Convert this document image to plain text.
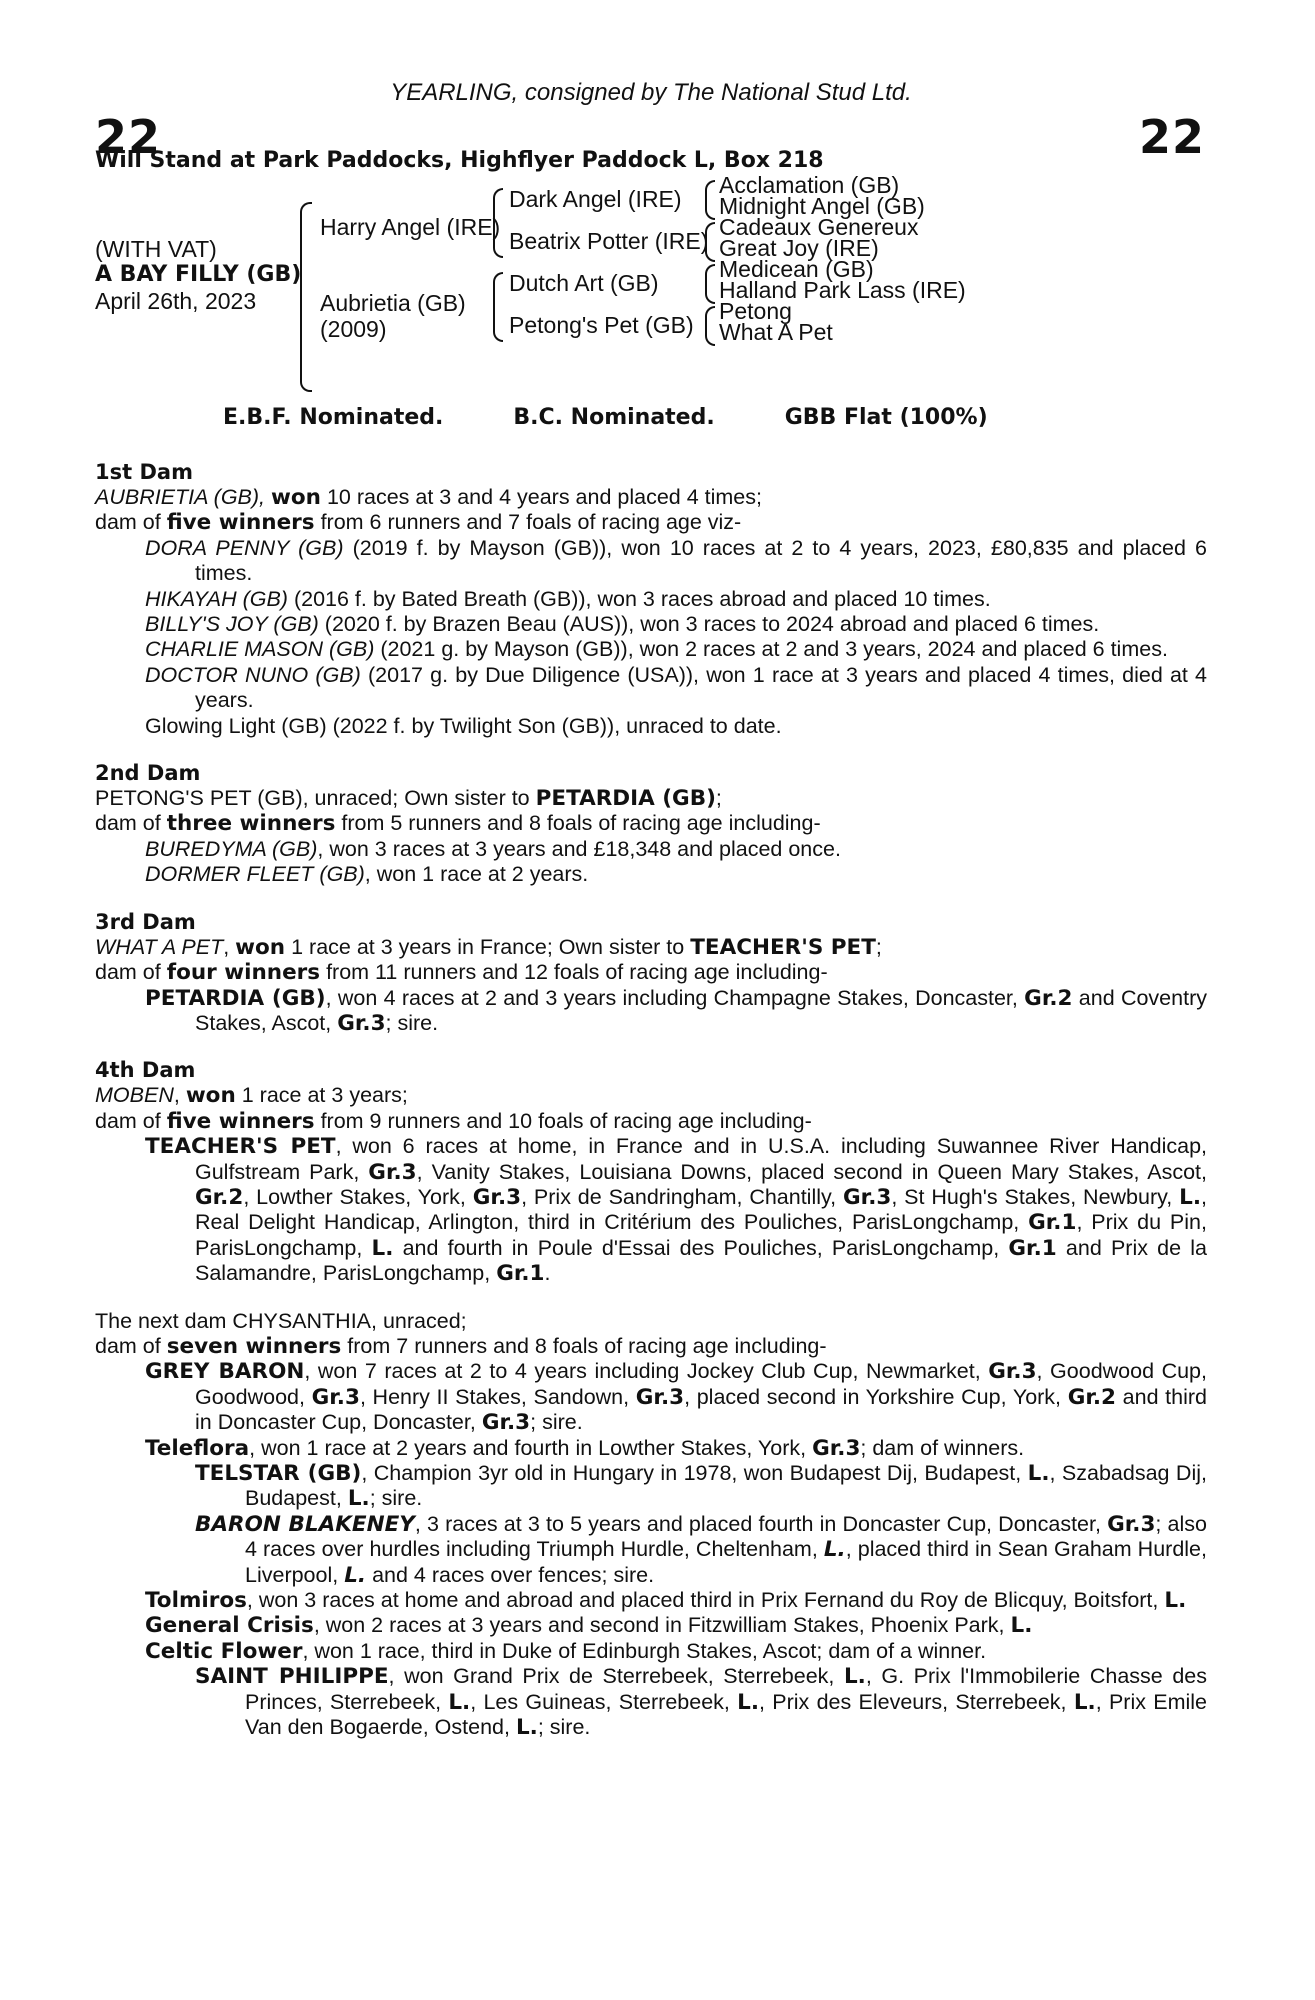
22	22
YEARLING, consigned by The National Stud Ltd.
Will Stand at Park Paddocks, Highflyer Paddock L, Box 218
(WITH VAT)
A BAY FILLY (GB)
April 26th, 2023
Harry Angel (IRE)
Aubrietia (GB)
(2009)
Dark Angel (IRE)
Beatrix Potter (IRE)
Dutch Art (GB)
Petong's Pet (GB)
Acclamation (GB)
Midnight Angel (GB)
Cadeaux Genereux
Great Joy (IRE)
Medicean (GB)
Halland Park Lass (IRE)
Petong
What A Pet
E.B.F. Nominated.	B.C. Nominated.	GBB Flat (100%)
1st Dam
AUBRIETIA (GB), won 10 races at 3 and 4 years and placed 4 times;
dam of five winners from 6 runners and 7 foals of racing age viz-
DORA PENNY (GB) (2019 f. by Mayson (GB)), won 10 races at 2 to 4 years, 2023, £80,835 and placed 6 times.
HIKAYAH (GB) (2016 f. by Bated Breath (GB)), won 3 races abroad and placed 10 times.
BILLY'S JOY (GB) (2020 f. by Brazen Beau (AUS)), won 3 races to 2024 abroad and placed 6 times.
CHARLIE MASON (GB) (2021 g. by Mayson (GB)), won 2 races at 2 and 3 years, 2024 and placed 6 times.
DOCTOR NUNO (GB) (2017 g. by Due Diligence (USA)), won 1 race at 3 years and placed 4 times, died at 4 years.
Glowing Light (GB) (2022 f. by Twilight Son (GB)), unraced to date.
2nd Dam
PETONG'S PET (GB), unraced; Own sister to PETARDIA (GB);
dam of three winners from 5 runners and 8 foals of racing age including-
BUREDYMA (GB), won 3 races at 3 years and £18,348 and placed once.
DORMER FLEET (GB), won 1 race at 2 years.
3rd Dam
WHAT A PET, won 1 race at 3 years in France; Own sister to TEACHER'S PET;
dam of four winners from 11 runners and 12 foals of racing age including-
PETARDIA (GB), won 4 races at 2 and 3 years including Champagne Stakes, Doncaster, Gr.2 and Coventry Stakes, Ascot, Gr.3; sire.
4th Dam
MOBEN, won 1 race at 3 years;
dam of five winners from 9 runners and 10 foals of racing age including-
TEACHER'S PET, won 6 races at home, in France and in U.S.A. including Suwannee River Handicap, Gulfstream Park, Gr.3, Vanity Stakes, Louisiana Downs, placed second in Queen Mary Stakes, Ascot, Gr.2, Lowther Stakes, York, Gr.3, Prix de Sandringham, Chantilly, Gr.3, St Hugh's Stakes, Newbury, L., Real Delight Handicap, Arlington, third in Critérium des Pouliches, ParisLongchamp, Gr.1, Prix du Pin, ParisLongchamp, L. and fourth in Poule d'Essai des Pouliches, ParisLongchamp, Gr.1 and Prix de la Salamandre, ParisLongchamp, Gr.1.
The next dam CHYSANTHIA, unraced;
dam of seven winners from 7 runners and 8 foals of racing age including-
GREY BARON, won 7 races at 2 to 4 years including Jockey Club Cup, Newmarket, Gr.3, Goodwood Cup, Goodwood, Gr.3, Henry II Stakes, Sandown, Gr.3, placed second in Yorkshire Cup, York, Gr.2 and third in Doncaster Cup, Doncaster, Gr.3; sire.
Teleflora, won 1 race at 2 years and fourth in Lowther Stakes, York, Gr.3; dam of winners.
TELSTAR (GB), Champion 3yr old in Hungary in 1978, won Budapest Dij, Budapest, L., Szabadsag Dij, Budapest, L.; sire.
BARON BLAKENEY, 3 races at 3 to 5 years and placed fourth in Doncaster Cup, Doncaster, Gr.3; also 4 races over hurdles including Triumph Hurdle, Cheltenham, L., placed third in Sean Graham Hurdle, Liverpool, L. and 4 races over fences; sire.
Tolmiros, won 3 races at home and abroad and placed third in Prix Fernand du Roy de Blicquy, Boitsfort, L.
General Crisis, won 2 races at 3 years and second in Fitzwilliam Stakes, Phoenix Park, L.
Celtic Flower, won 1 race, third in Duke of Edinburgh Stakes, Ascot; dam of a winner.
SAINT PHILIPPE, won Grand Prix de Sterrebeek, Sterrebeek, L., G. Prix l'Immobilerie Chasse des Princes, Sterrebeek, L., Les Guineas, Sterrebeek, L., Prix des Eleveurs, Sterrebeek, L., Prix Emile Van den Bogaerde, Ostend, L.; sire.
